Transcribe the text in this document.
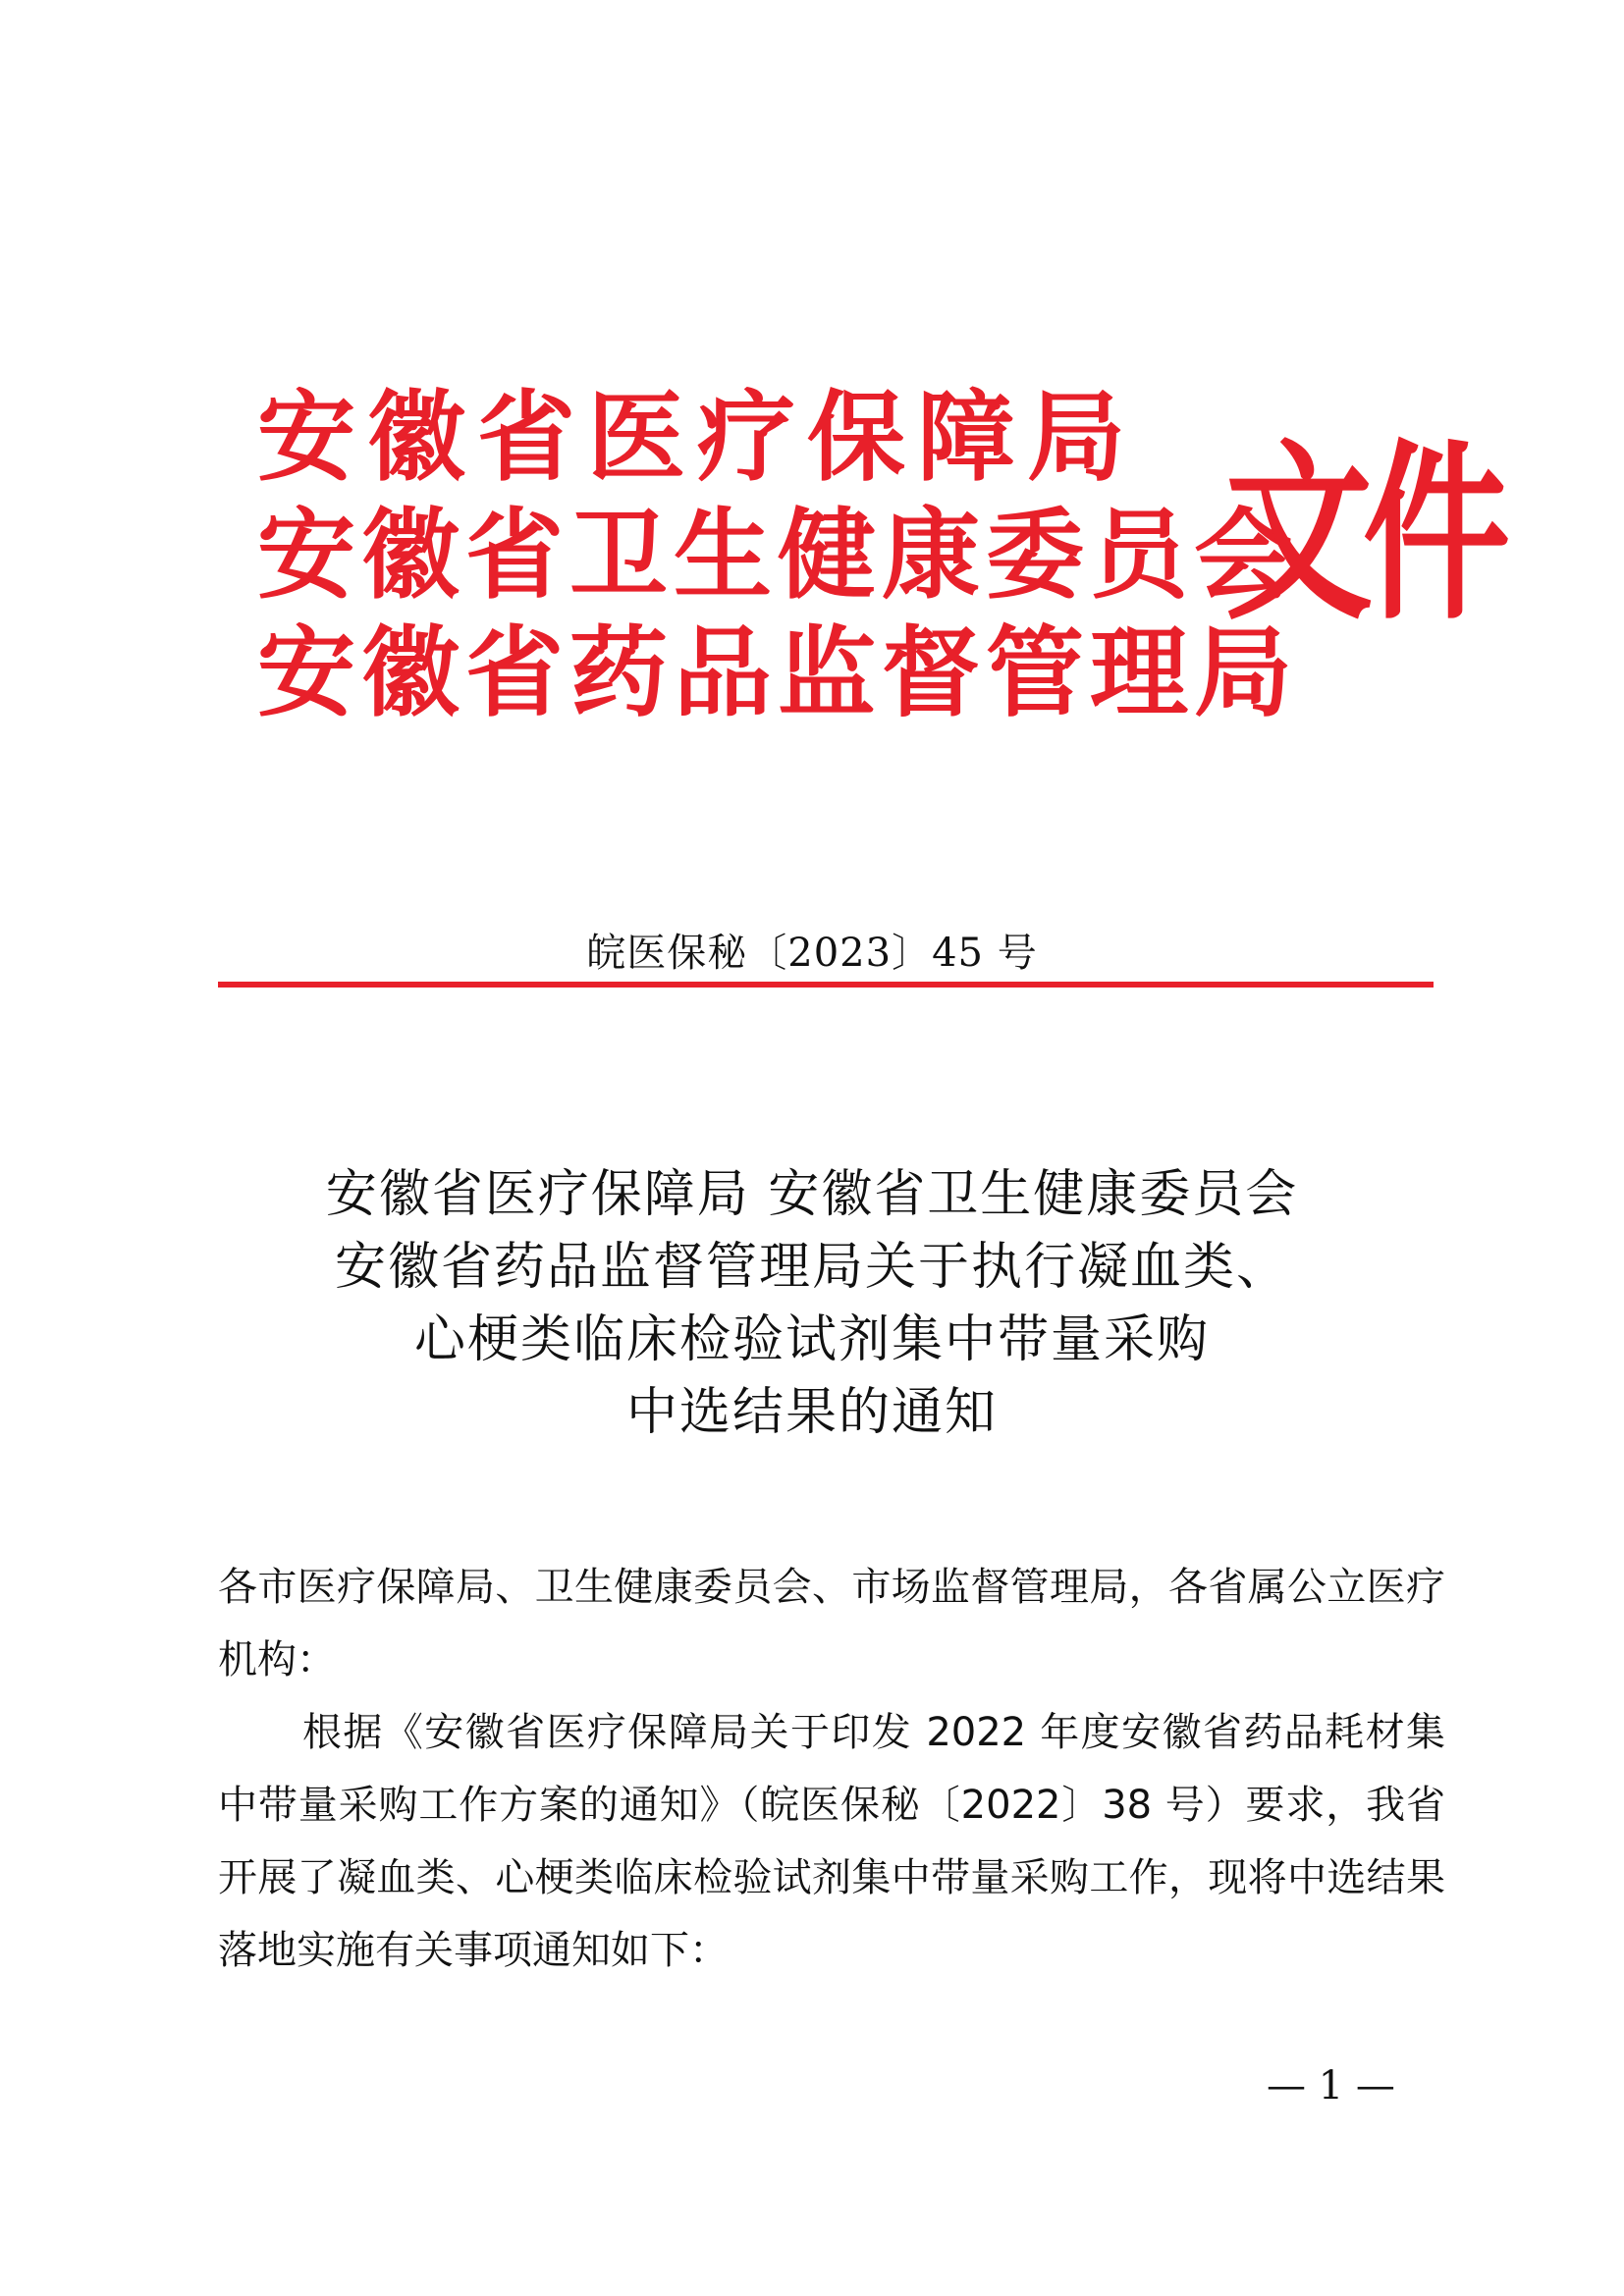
安徽省医疗保障局
安徽省卫生健康委员会
安徽省药品监督管理局
文件
皖医保秘〔2023〕45 号
安徽省医疗保障局 安徽省卫生健康委员会
安徽省药品监督管理局关于执行凝血类、
心梗类临床检验试剂集中带量采购
中选结果的通知

各市医疗保障局、卫生健康委员会、市场监督管理局，各省属公立医疗机构：

根据《安徽省医疗保障局关于印发 2022 年度安徽省药品耗材集中带量采购工作方案的通知》（皖医保秘〔2022〕38 号）要求，我省开展了凝血类、心梗类临床检验试剂集中带量采购工作，现将中选结果落地实施有关事项通知如下：

— 1 —
